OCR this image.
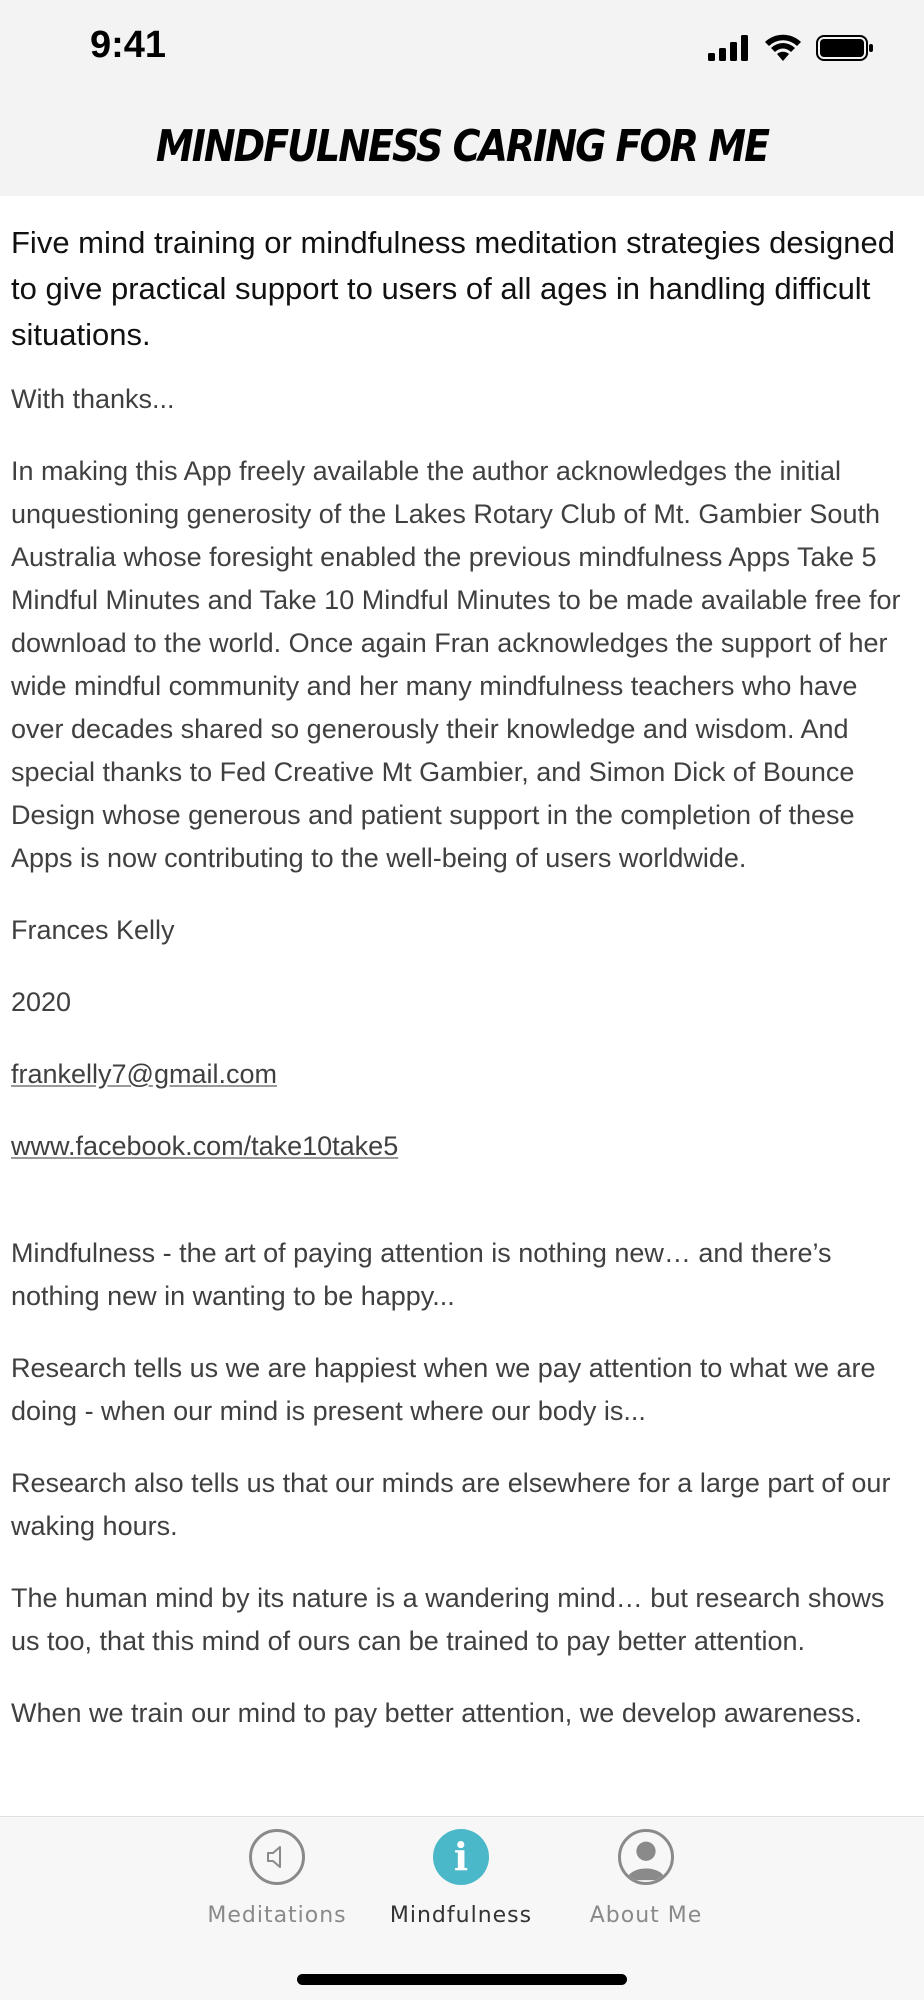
9:41
MINDFULNESS CARING FOR ME

Five mind training or mindfulness meditation strategies designed to give practical support to users of all ages in handling difficult situations.

With thanks...

In making this App freely available the author acknowledges the initial unquestioning generosity of the Lakes Rotary Club of Mt. Gambier South Australia whose foresight enabled the previous mindfulness Apps Take 5 Mindful Minutes and Take 10 Mindful Minutes to be made available free for download to the world. Once again Fran acknowledges the support of her wide mindful community and her many mindfulness teachers who have over decades shared so generously their knowledge and wisdom. And special thanks to Fed Creative Mt Gambier, and Simon Dick of Bounce Design whose generous and patient support in the completion of these Apps is now contributing to the well-being of users worldwide.

Frances Kelly

2020

frankelly7@gmail.com

www.facebook.com/take10take5

Mindfulness - the art of paying attention is nothing new… and there’s nothing new in wanting to be happy...

Research tells us we are happiest when we pay attention to what we are doing - when our mind is present where our body is...

Research also tells us that our minds are elsewhere for a large part of our waking hours.

The human mind by its nature is a wandering mind… but research shows us too, that this mind of ours can be trained to pay better attention.

When we train our mind to pay better attention, we develop awareness.

Meditations
i
Mindfulness	About Me
